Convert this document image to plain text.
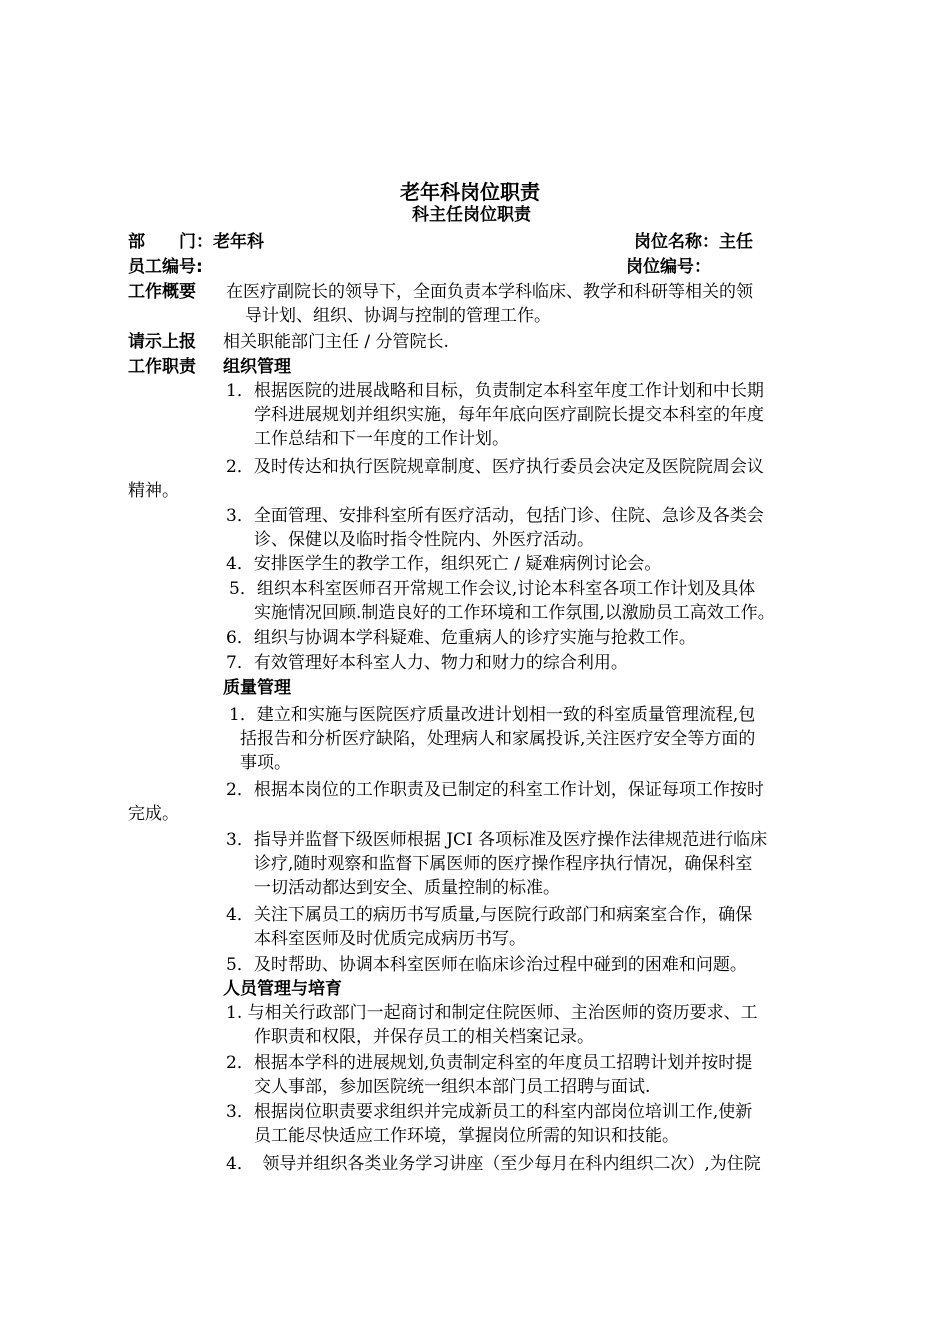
老年科岗位职责
科主任岗位职责
部　　门：老年科	岗位名称：主任
员工编号:	岗位编号：
工作概要 在医疗副院长的领导下，全面负责本学科临床、教学和科研等相关的领
导计划、组织、协调与控制的管理工作。
请示上报 相关职能部门主任 / 分管院长.
工作职责 组织管理
1．根据医院的进展战略和目标，负责制定本科室年度工作计划和中长期
学科进展规划并组织实施，每年年底向医疗副院长提交本科室的年度
工作总结和下一年度的工作计划。
2．及时传达和执行医院规章制度、医疗执行委员会决定及医院院周会议
精神。
3．全面管理、安排科室所有医疗活动，包括门诊、住院、急诊及各类会
诊、保健以及临时指令性院内、外医疗活动。
4．安排医学生的教学工作，组织死亡 / 疑难病例讨论会。
5．组织本科室医师召开常规工作会议,讨论本科室各项工作计划及具体
实施情况回顾.制造良好的工作环境和工作氛围,以激励员工高效工作。
6．组织与协调本学科疑难、危重病人的诊疗实施与抢救工作。
7．有效管理好本科室人力、物力和财力的综合利用。
质量管理
1．建立和实施与医院医疗质量改进计划相一致的科室质量管理流程,包
括报告和分析医疗缺陷，处理病人和家属投诉,关注医疗安全等方面的
事项。
2．根据本岗位的工作职责及已制定的科室工作计划，保证每项工作按时
完成。
3．指导并监督下级医师根据 JCI 各项标准及医疗操作法律规范进行临床
诊疗,随时观察和监督下属医师的医疗操作程序执行情况，确保科室
一切活动都达到安全、质量控制的标准。
4．关注下属员工的病历书写质量,与医院行政部门和病案室合作，确保
本科室医师及时优质完成病历书写。
5．及时帮助、协调本科室医师在临床诊治过程中碰到的困难和问题。
人员管理与培育
1. 与相关行政部门一起商讨和制定住院医师、主治医师的资历要求、工
作职责和权限，并保存员工的相关档案记录。
2．根据本学科的进展规划,负责制定科室的年度员工招聘计划并按时提
交人事部，参加医院统一组织本部门员工招聘与面试.
3．根据岗位职责要求组织并完成新员工的科室内部岗位培训工作,使新
员工能尽快适应工作环境，掌握岗位所需的知识和技能。
4．　领导并组织各类业务学习讲座（至少每月在科内组织二次）,为住院
